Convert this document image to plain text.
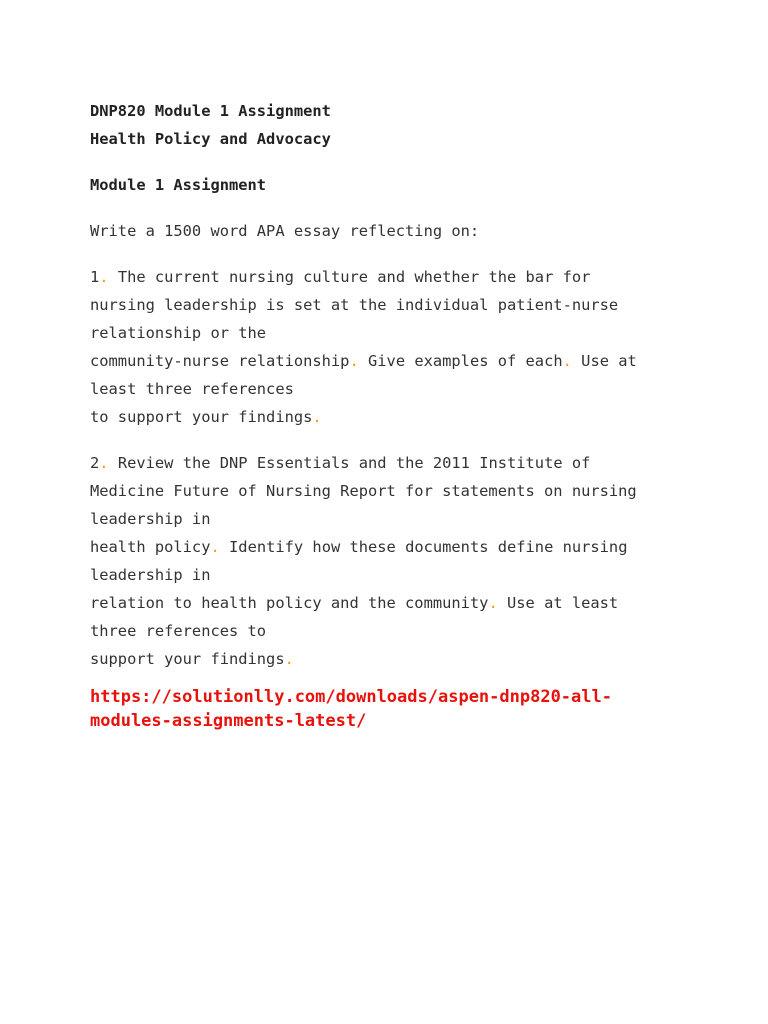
DNP820 Module 1 Assignment

Health Policy and Advocacy

Module 1 Assignment

Write a 1500 word APA essay reflecting on:

1. The current nursing culture and whether the bar for
nursing leadership is set at the individual patient-nurse
relationship or the
community-nurse relationship. Give examples of each. Use at
least three references
to support your findings.
2. Review the DNP Essentials and the 2011 Institute of
Medicine Future of Nursing Report for statements on nursing
leadership in
health policy. Identify how these documents define nursing
leadership in
relation to health policy and the community. Use at least
three references to
support your findings.
https://solutionlly.com/downloads/aspen-dnp820-all-
modules-assignments-latest/
